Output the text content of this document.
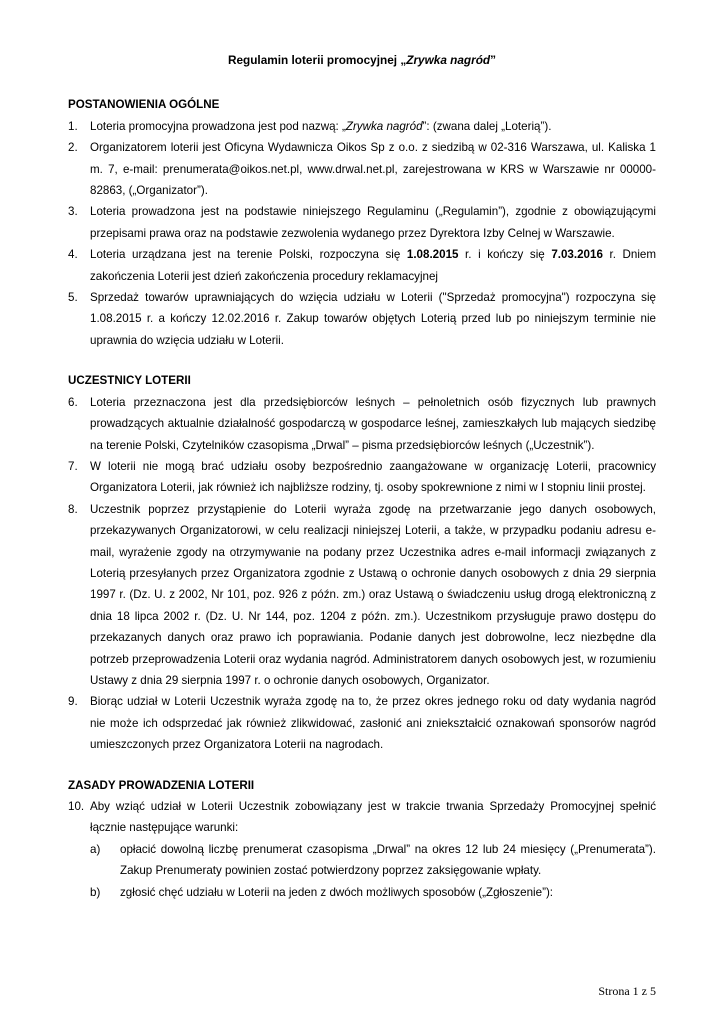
Regulamin loterii promocyjnej „Zrywka nagród”
POSTANOWIENIA OGÓLNE
1.	Loteria promocyjna prowadzona jest pod nazwą: „Zrywka nagród”: (zwana dalej „Loterią”).
2.	Organizatorem loterii jest Oficyna Wydawnicza Oikos Sp z o.o. z siedzibą w 02-316 Warszawa, ul. Kaliska 1 m. 7, e-mail: prenumerata@oikos.net.pl, www.drwal.net.pl, zarejestrowana w KRS w Warszawie nr 00000-82863, („Organizator”).
3.	Loteria prowadzona jest na podstawie niniejszego Regulaminu („Regulamin”), zgodnie z obowiązującymi przepisami prawa oraz na podstawie zezwolenia wydanego przez Dyrektora Izby Celnej w Warszawie.
4.	Loteria urządzana jest na terenie Polski, rozpoczyna się 1.08.2015 r. i kończy się 7.03.2016 r. Dniem zakończenia Loterii jest dzień zakończenia procedury reklamacyjnej
5.	Sprzedaż towarów uprawniających do wzięcia udziału w Loterii ("Sprzedaż promocyjna") rozpoczyna się 1.08.2015 r. a kończy 12.02.2016 r. Zakup towarów objętych Loterią przed lub po niniejszym terminie nie uprawnia do wzięcia udziału w Loterii.
UCZESTNICY LOTERII
6.	Loteria przeznaczona jest dla przedsiębiorców leśnych – pełnoletnich osób fizycznych lub prawnych prowadzących aktualnie działalność gospodarczą w gospodarce leśnej, zamieszkałych lub mających siedzibę na terenie Polski, Czytelników czasopisma „Drwal” – pisma przedsiębiorców leśnych („Uczestnik”).
7.	W loterii nie mogą brać udziału osoby bezpośrednio zaangażowane w organizację Loterii, pracownicy Organizatora Loterii, jak również ich najbliższe rodziny, tj. osoby spokrewnione z nimi w I stopniu linii prostej.
8.	Uczestnik poprzez przystąpienie do Loterii wyraża zgodę na przetwarzanie jego danych osobowych, przekazywanych Organizatorowi, w celu realizacji niniejszej Loterii, a także, w przypadku podaniu adresu e-mail, wyrażenie zgody na otrzymywanie na podany przez Uczestnika adres e-mail informacji związanych z Loterią przesyłanych przez Organizatora zgodnie z Ustawą o ochronie danych osobowych z dnia 29 sierpnia 1997 r. (Dz. U. z 2002, Nr 101, poz. 926 z późn. zm.) oraz Ustawą o świadczeniu usług drogą elektroniczną z dnia 18 lipca 2002 r. (Dz. U. Nr 144, poz. 1204 z późn. zm.). Uczestnikom przysługuje prawo dostępu do przekazanych danych oraz prawo ich poprawiania. Podanie danych jest dobrowolne, lecz niezbędne dla potrzeb przeprowadzenia Loterii oraz wydania nagród. Administratorem danych osobowych jest, w rozumieniu Ustawy z dnia 29 sierpnia 1997 r. o ochronie danych osobowych, Organizator.
9.	Biorąc udział w Loterii Uczestnik wyraża zgodę na to, że przez okres jednego roku od daty wydania nagród nie może ich odsprzedać jak również zlikwidować, zasłonić ani zniekształcić oznakowań sponsorów nagród umieszczonych przez Organizatora Loterii na nagrodach.
ZASADY PROWADZENIA LOTERII
10. Aby wziąć udział w Loterii Uczestnik zobowiązany jest w trakcie trwania Sprzedaży Promocyjnej spełnić łącznie następujące warunki:
a)	opłacić dowolną liczbę prenumerat czasopisma „Drwal” na okres 12 lub 24 miesięcy („Prenumerata”). Zakup Prenumeraty powinien zostać potwierdzony poprzez zaksięgowanie wpłaty.
b)	zgłosić chęć udziału w Loterii na jeden z dwóch możliwych sposobów („Zgłoszenie”):
Strona 1 z 5
